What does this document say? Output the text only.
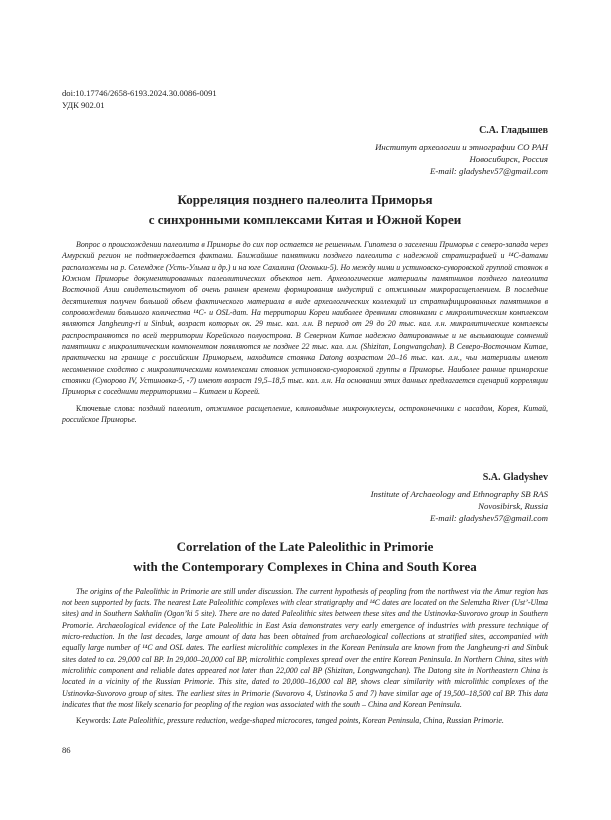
doi:10.17746/2658-6193.2024.30.0086-0091
УДК 902.01
С.А. Гладышев
Институт археологии и этнографии СО РАН
Новосибирск, Россия
E-mail: gladyshev57@gmail.com
Корреляция позднего палеолита Приморья
с синхронными комплексами Китая и Южной Кореи
Вопрос о происхождении палеолита в Приморье до сих пор остается не решенным. Гипотеза о заселении Приморья с северо-запада через Амурский регион не подтверждается фактами. Ближайшие памятники позднего палеолита с надежной стратиграфией и ¹⁴С-датами расположены на р. Селемдже (Усть-Ульма и др.) и на юге Сахалина (Огоньки-5). Но между ними и устиновско-суворовской группой стоянок в Южном Приморье документированных палеолитических объектов нет. Археологические материалы памятников позднего палеолита Восточной Азии свидетельствуют об очень раннем времени формирования индустрий с отжимным микрорасщеплением. В последние десятилетия получен большой объем фактического материала в виде археологических коллекций из стратифицированных памятников в сопровождении большого количества ¹⁴С- и OSL-дат. На территории Кореи наиболее древними стоянками с микролитическим комплексом являются Jangheung-ri и Sinbuk, возраст которых ок. 29 тыс. кал. л.н. В период от 29 до 20 тыс. кал. л.н. микролитические комплексы распространяются по всей территории Корейского полуострова. В Северном Китае надежно датированные и не вызывающие сомнений памятники с микролитическим компонентом появляются не позднее 22 тыс. кал. л.н. (Shizitan, Longwangchan). В Северо-Восточном Китае, практически на границе с российским Приморьем, находится стоянка Datong возрастом 20–16 тыс. кал. л.н., чьи материалы имеют несомненное сходство с микролитическими комплексами стоянок устиновско-суворовской группы в Приморье. Наиболее ранние приморские стоянки (Суворово IV, Устиновка-5, -7) имеют возраст 19,5–18,5 тыс. кал. л.н. На основании этих данных предлагается сценарий корреляции Приморья с соседними территориями – Китаем и Кореей.
Ключевые слова: поздний палеолит, отжимное расщепление, клиновидные микронуклеусы, остроконечники с насадом, Корея, Китай, российское Приморье.
S.A. Gladyshev
Institute of Archaeology and Ethnography SB RAS
Novosibirsk, Russia
E-mail: gladyshev57@gmail.com
Correlation of the Late Paleolithic in Primorie
with the Contemporary Complexes in China and South Korea
The origins of the Paleolithic in Primorie are still under discussion. The current hypothesis of peopling from the northwest via the Amur region has not been supported by facts. The nearest Late Paleolithic complexes with clear stratigraphy and ¹⁴C dates are located on the Selemzha River (Ust’-Ulma sites) and in Southern Sakhalin (Ogon’ki 5 site). There are no dated Paleolithic sites between these sites and the Ustinovka-Suvorovo group in Southern Promorie. Archaeological evidence of the Late Paleolithic in East Asia demonstrates very early emergence of industries with pressure technique of micro-reduction. In the last decades, large amount of data has been obtained from archaeological collections at stratified sites, accompanied with equally large number of ¹⁴C and OSL dates. The earliest microlithic complexes in the Korean Peninsula are known from the Jangheung-ri and Sinbuk sites dated to ca. 29,000 cal BP. In 29,000–20,000 cal BP, microlithic complexes spread over the entire Korean Peninsula. In Northern China, sites with microlithic component and reliable dates appeared not later than 22,000 cal BP (Shizitan, Longwangchan). The Datong site in Northeastern China is located in a vicinity of the Russian Primorie. This site, dated to 20,000–16,000 cal BP, shows clear similarity with microlithic complexes of the Ustinovka-Suvorovo group of sites. The earliest sites in Primorie (Suvorovo 4, Ustinovka 5 and 7) have similar age of 19,500–18,500 cal BP. This data indicates that the most likely scenario for peopling of the region was associated with the south – China and Korean Peninsula.
Keywords: Late Paleolithic, pressure reduction, wedge-shaped microcores, tanged points, Korean Peninsula, China, Russian Primorie.
86
